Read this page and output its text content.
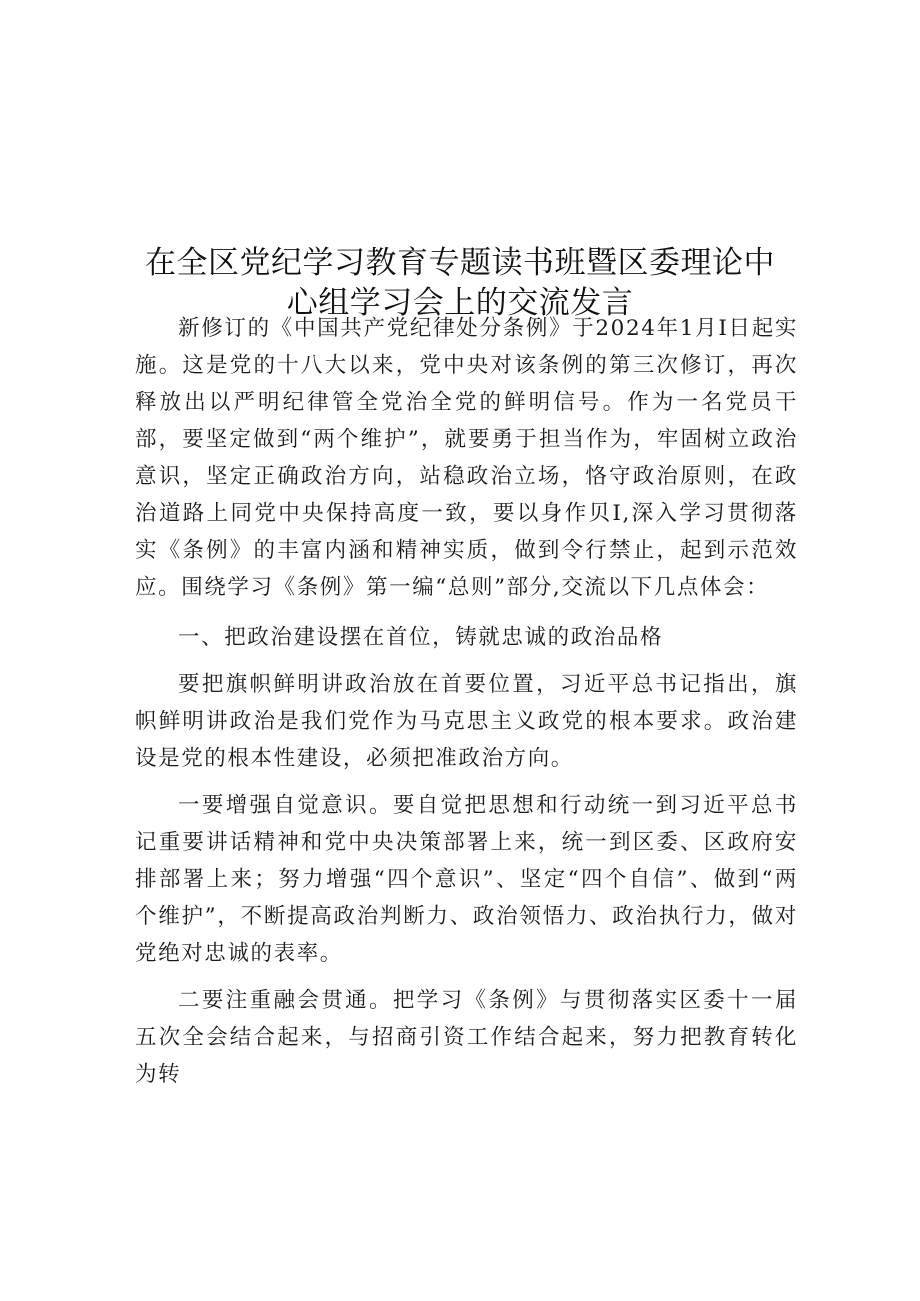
在全区党纪学习教育专题读书班暨区委理论中
心组学习会上的交流发言

新修订的《中国共产党纪律处分条例》于2024年1月I日起实施。这是党的十八大以来，党中央对该条例的第三次修订，再次释放出以严明纪律管全党治全党的鲜明信号。作为一名党员干部，要坚定做到“两个维护”，就要勇于担当作为，牢固树立政治意识，坚定正确政治方向，站稳政治立场，恪守政治原则，在政治道路上同党中央保持高度一致，要以身作贝I,深入学习贯彻落实《条例》的丰富内涵和精神实质，做到令行禁止，起到示范效应。围绕学习《条例》第一编“总则”部分,交流以下几点体会：

一、把政治建设摆在首位，铸就忠诚的政治品格

要把旗帜鲜明讲政治放在首要位置，习近平总书记指出，旗帜鲜明讲政治是我们党作为马克思主义政党的根本要求。政治建设是党的根本性建设，必须把准政治方向。

一要增强自觉意识。要自觉把思想和行动统一到习近平总书记重要讲话精神和党中央决策部署上来，统一到区委、区政府安排部署上来；努力增强“四个意识”、坚定“四个自信”、做到“两个维护”，不断提高政治判断力、政治领悟力、政治执行力，做对党绝对忠诚的表率。

二要注重融会贯通。把学习《条例》与贯彻落实区委十一届五次全会结合起来，与招商引资工作结合起来，努力把教育转化为转
